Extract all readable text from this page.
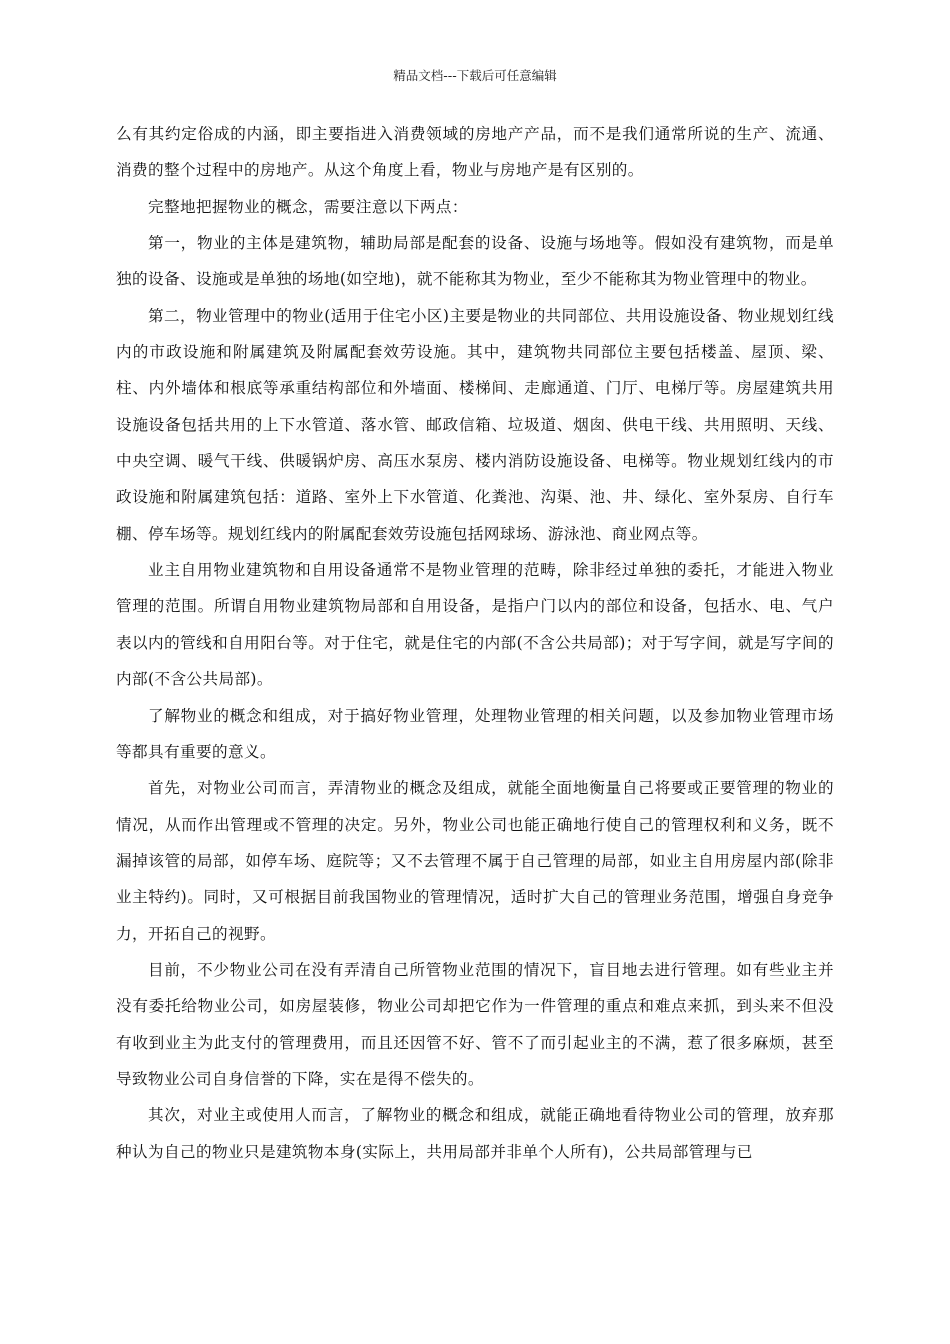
精品文档---下载后可任意编辑

么有其约定俗成的内涵，即主要指进入消费领域的房地产产品，而不是我们通常所说的生产、流通、消费的整个过程中的房地产。从这个角度上看，物业与房地产是有区别的。

完整地把握物业的概念，需要注意以下两点：

第一，物业的主体是建筑物，辅助局部是配套的设备、设施与场地等。假如没有建筑物，而是单独的设备、设施或是单独的场地(如空地)，就不能称其为物业，至少不能称其为物业管理中的物业。

第二，物业管理中的物业(适用于住宅小区)主要是物业的共同部位、共用设施设备、物业规划红线内的市政设施和附属建筑及附属配套效劳设施。其中，建筑物共同部位主要包括楼盖、屋顶、梁、柱、内外墙体和根底等承重结构部位和外墙面、楼梯间、走廊通道、门厅、电梯厅等。房屋建筑共用设施设备包括共用的上下水管道、落水管、邮政信箱、垃圾道、烟囱、供电干线、共用照明、天线、中央空调、暖气干线、供暖锅炉房、高压水泵房、楼内消防设施设备、电梯等。物业规划红线内的市政设施和附属建筑包括：道路、室外上下水管道、化粪池、沟渠、池、井、绿化、室外泵房、自行车棚、停车场等。规划红线内的附属配套效劳设施包括网球场、游泳池、商业网点等。

业主自用物业建筑物和自用设备通常不是物业管理的范畴，除非经过单独的委托，才能进入物业管理的范围。所谓自用物业建筑物局部和自用设备，是指户门以内的部位和设备，包括水、电、气户表以内的管线和自用阳台等。对于住宅，就是住宅的内部(不含公共局部)；对于写字间，就是写字间的内部(不含公共局部)。

了解物业的概念和组成，对于搞好物业管理，处理物业管理的相关问题，以及参加物业管理市场等都具有重要的意义。

首先，对物业公司而言，弄清物业的概念及组成，就能全面地衡量自己将要或正要管理的物业的情况，从而作出管理或不管理的决定。另外，物业公司也能正确地行使自己的管理权利和义务，既不漏掉该管的局部，如停车场、庭院等；又不去管理不属于自己管理的局部，如业主自用房屋内部(除非业主特约)。同时，又可根据目前我国物业的管理情况，适时扩大自己的管理业务范围，增强自身竞争力，开拓自己的视野。

目前，不少物业公司在没有弄清自己所管物业范围的情况下，盲目地去进行管理。如有些业主并没有委托给物业公司，如房屋装修，物业公司却把它作为一件管理的重点和难点来抓，到头来不但没有收到业主为此支付的管理费用，而且还因管不好、管不了而引起业主的不满，惹了很多麻烦，甚至导致物业公司自身信誉的下降，实在是得不偿失的。

其次，对业主或使用人而言，了解物业的概念和组成，就能正确地看待物业公司的管理，放弃那种认为自己的物业只是建筑物本身(实际上，共用局部并非单个人所有)，公共局部管理与已
